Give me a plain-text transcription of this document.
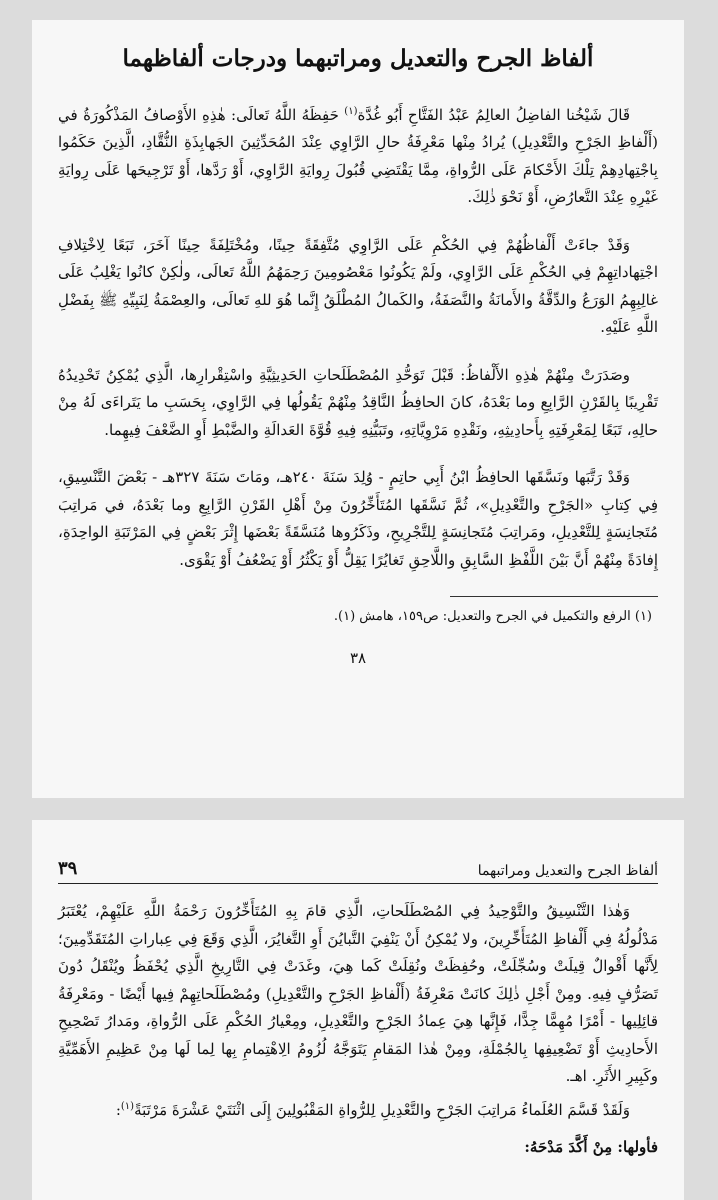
ألفاظ الجرح والتعديل ومراتبهما ودرجات ألفاظهما

قَالَ شَيْخُنا الفاضِلُ العالِمُ عَبْدُ الفَتَّاحِ أَبُو غُدَّة$^{(١)}$ حَفِظَهُ اللَّهُ تَعالَى: هٰذِهِ الأَوْصافُ المَذْكُورَةُ في (أَلْفاظِ الجَرْحِ والتَّعْدِيلِ) يُرادُ مِنْها مَعْرِفَةُ حالِ الرَّاوِي عِنْدَ المُحَدِّثِينَ الجَهابِذَةِ النُّقَّادِ، الَّذِينَ حَكَمُوا بِاجْتِهادِهِمْ تِلْكَ الأَحْكامَ عَلَى الرُّواةِ، مِمَّا يَقْتَضِي قُبُولَ رِوايَةِ الرَّاوِي، أَوْ رَدَّها، أَوْ تَرْجِيحَها عَلَى رِوايَةِ غَيْرِهِ عِنْدَ التَّعارُضِ، أَوْ نَحْوَ ذٰلِكَ.

وَقَدْ جاءَتْ أَلْفاظُهُمْ فِي الحُكْمِ عَلَى الرَّاوِي مُتَّفِقَةً حِينًا، ومُخْتَلِفَةً حِينًا آخَرَ، تَبَعًا لِاخْتِلافِ اجْتِهاداتِهِمْ فِي الحُكْمِ عَلَى الرَّاوِي، ولَمْ يَكُونُوا مَعْصُومِينَ رَحِمَهُمُ اللَّهُ تَعالَى، ولٰكِنْ كانُوا يَغْلِبُ عَلَى غالِبِهِمُ الوَرَعُ والدِّقَّةُ والأَمانَةُ والنَّصَفَةُ، والكَمالُ المُطْلَقُ إِنَّما هُوَ للهِ تَعالَى، والعِصْمَةُ لِنَبِيِّهِ ﷺ بِفَضْلِ اللَّهِ عَلَيْهِ.

وصَدَرَتْ مِنْهُمْ هٰذِهِ الأَلْفاظُ: قَبْلَ تَوَحُّدِ المُصْطَلَحاتِ الحَدِيثِيَّةِ واسْتِقْرارِها، الَّذِي يُمْكِنُ تَحْدِيدُهُ تَقْرِيبًا بِالقَرْنِ الرَّابِعِ وما بَعْدَهُ، كانَ الحافِظُ النَّاقِدُ مِنْهُمْ يَقُولُها فِي الرَّاوِي، بِحَسَبِ ما يَتَراءَى لَهُ مِنْ حالِهِ، تَبَعًا لِمَعْرِفَتِهِ بِأَحادِيثِهِ، ونَقْدِهِ مَرْوِيَّاتِهِ، وتَبَيُّنِهِ فِيهِ قُوَّةَ العَدالَةِ والضَّبْطِ أَوِ الضَّعْفَ فِيهِما.

وَقَدْ رَتَّبَها ونَسَّقَها الحافِظُ ابْنُ أَبِي حاتِمٍ - وُلِدَ سَنَةَ ٢٤٠هـ، ومَاتَ سَنَةَ ٣٢٧هـ - بَعْضَ التَّنْسِيقِ، فِي كِتابِ «الجَرْحِ والتَّعْدِيلِ»، ثُمَّ نَسَّقَها المُتَأَخِّرُونَ مِنْ أَهْلِ القَرْنِ الرَّابِعِ وما بَعْدَهُ، في مَراتِبَ مُتَجانِسَةٍ لِلتَّعْدِيلِ، ومَراتِبَ مُتَجانِسَةٍ لِلتَّجْرِيحِ، وذَكَرُوها مُنَسَّقَةً بَعْضَها إِثْرَ بَعْضٍ فِي المَرْتَبَةِ الواحِدَةِ، إِفادَةً مِنْهُمْ أَنَّ بَيْنَ اللَّفْظِ السَّابِقِ واللَّاحِقِ تَغايُرًا يَقِلُّ أَوْ يَكْثُرُ أَوْ يَضْعُفُ أَوْ يَقْوَى.

(١) الرفع والتكميل في الجرح والتعديل: ص١٥٩، هامش (١).
٣٨
ألفاظ الجرح والتعديل ومراتبهما
٣٩

وَهٰذا التَّنْسِيقُ والتَّوْحِيدُ فِي المُصْطَلَحاتِ، الَّذِي قامَ بِهِ المُتَأَخِّرُونَ رَحْمَةُ اللَّهِ عَلَيْهِمْ، يُعْتَبَرُ مَدْلُولُهُ فِي أَلْفاظِ المُتَأَخِّرِينَ، ولا يُمْكِنُ أَنْ يَنْفِيَ التَّبايُنَ أَوِ التَّغايُرَ، الَّذِي وَقَعَ فِي عِباراتِ المُتَقَدِّمِينَ؛ لِأَنَّها أَقْوالٌ قِيلَتْ وسُجِّلَتْ، وحُفِظَتْ ونُقِلَتْ كَما هِيَ، وغَدَتْ فِي التَّارِيخِ الَّذِي يُحْفَظُ ويُنْقَلُ دُونَ تَصَرُّفٍ فِيهِ. ومِنْ أَجْلِ ذٰلِكَ كانَتْ مَعْرِفَةُ (أَلْفاظِ الجَرْحِ والتَّعْدِيلِ) ومُصْطَلَحاتِهِمْ فِيها أَيْضًا - ومَعْرِفَةُ قائِلِيها - أَمْرًا مُهِمًّا جِدًّا، فَإِنَّها هِيَ عِمادُ الجَرْحِ والتَّعْدِيلِ، ومِعْيارُ الحُكْمِ عَلَى الرُّواةِ، ومَدارُ تَصْحِيحِ الأَحادِيثِ أَوْ تَضْعِيفِها بِالجُمْلَةِ، ومِنْ هٰذا المَقامِ يَتَوَجَّهُ لُزُومُ الِاهْتِمامِ بِها لِما لَها مِنْ عَظِيمِ الأَهَمِّيَّةِ وكَبِيرِ الأَثَرِ. اهـ.

وَلَقَدْ قَسَّمَ العُلَماءُ مَراتِبَ الجَرْحِ والتَّعْدِيلِ لِلرُّواةِ المَقْبُولِينَ إِلَى اثْنَتَيْ عَشْرَةَ مَرْتَبَةً$^{(١)}$:

فأولها: مِنْ أَكَّدَ مَدْحَهُ:
